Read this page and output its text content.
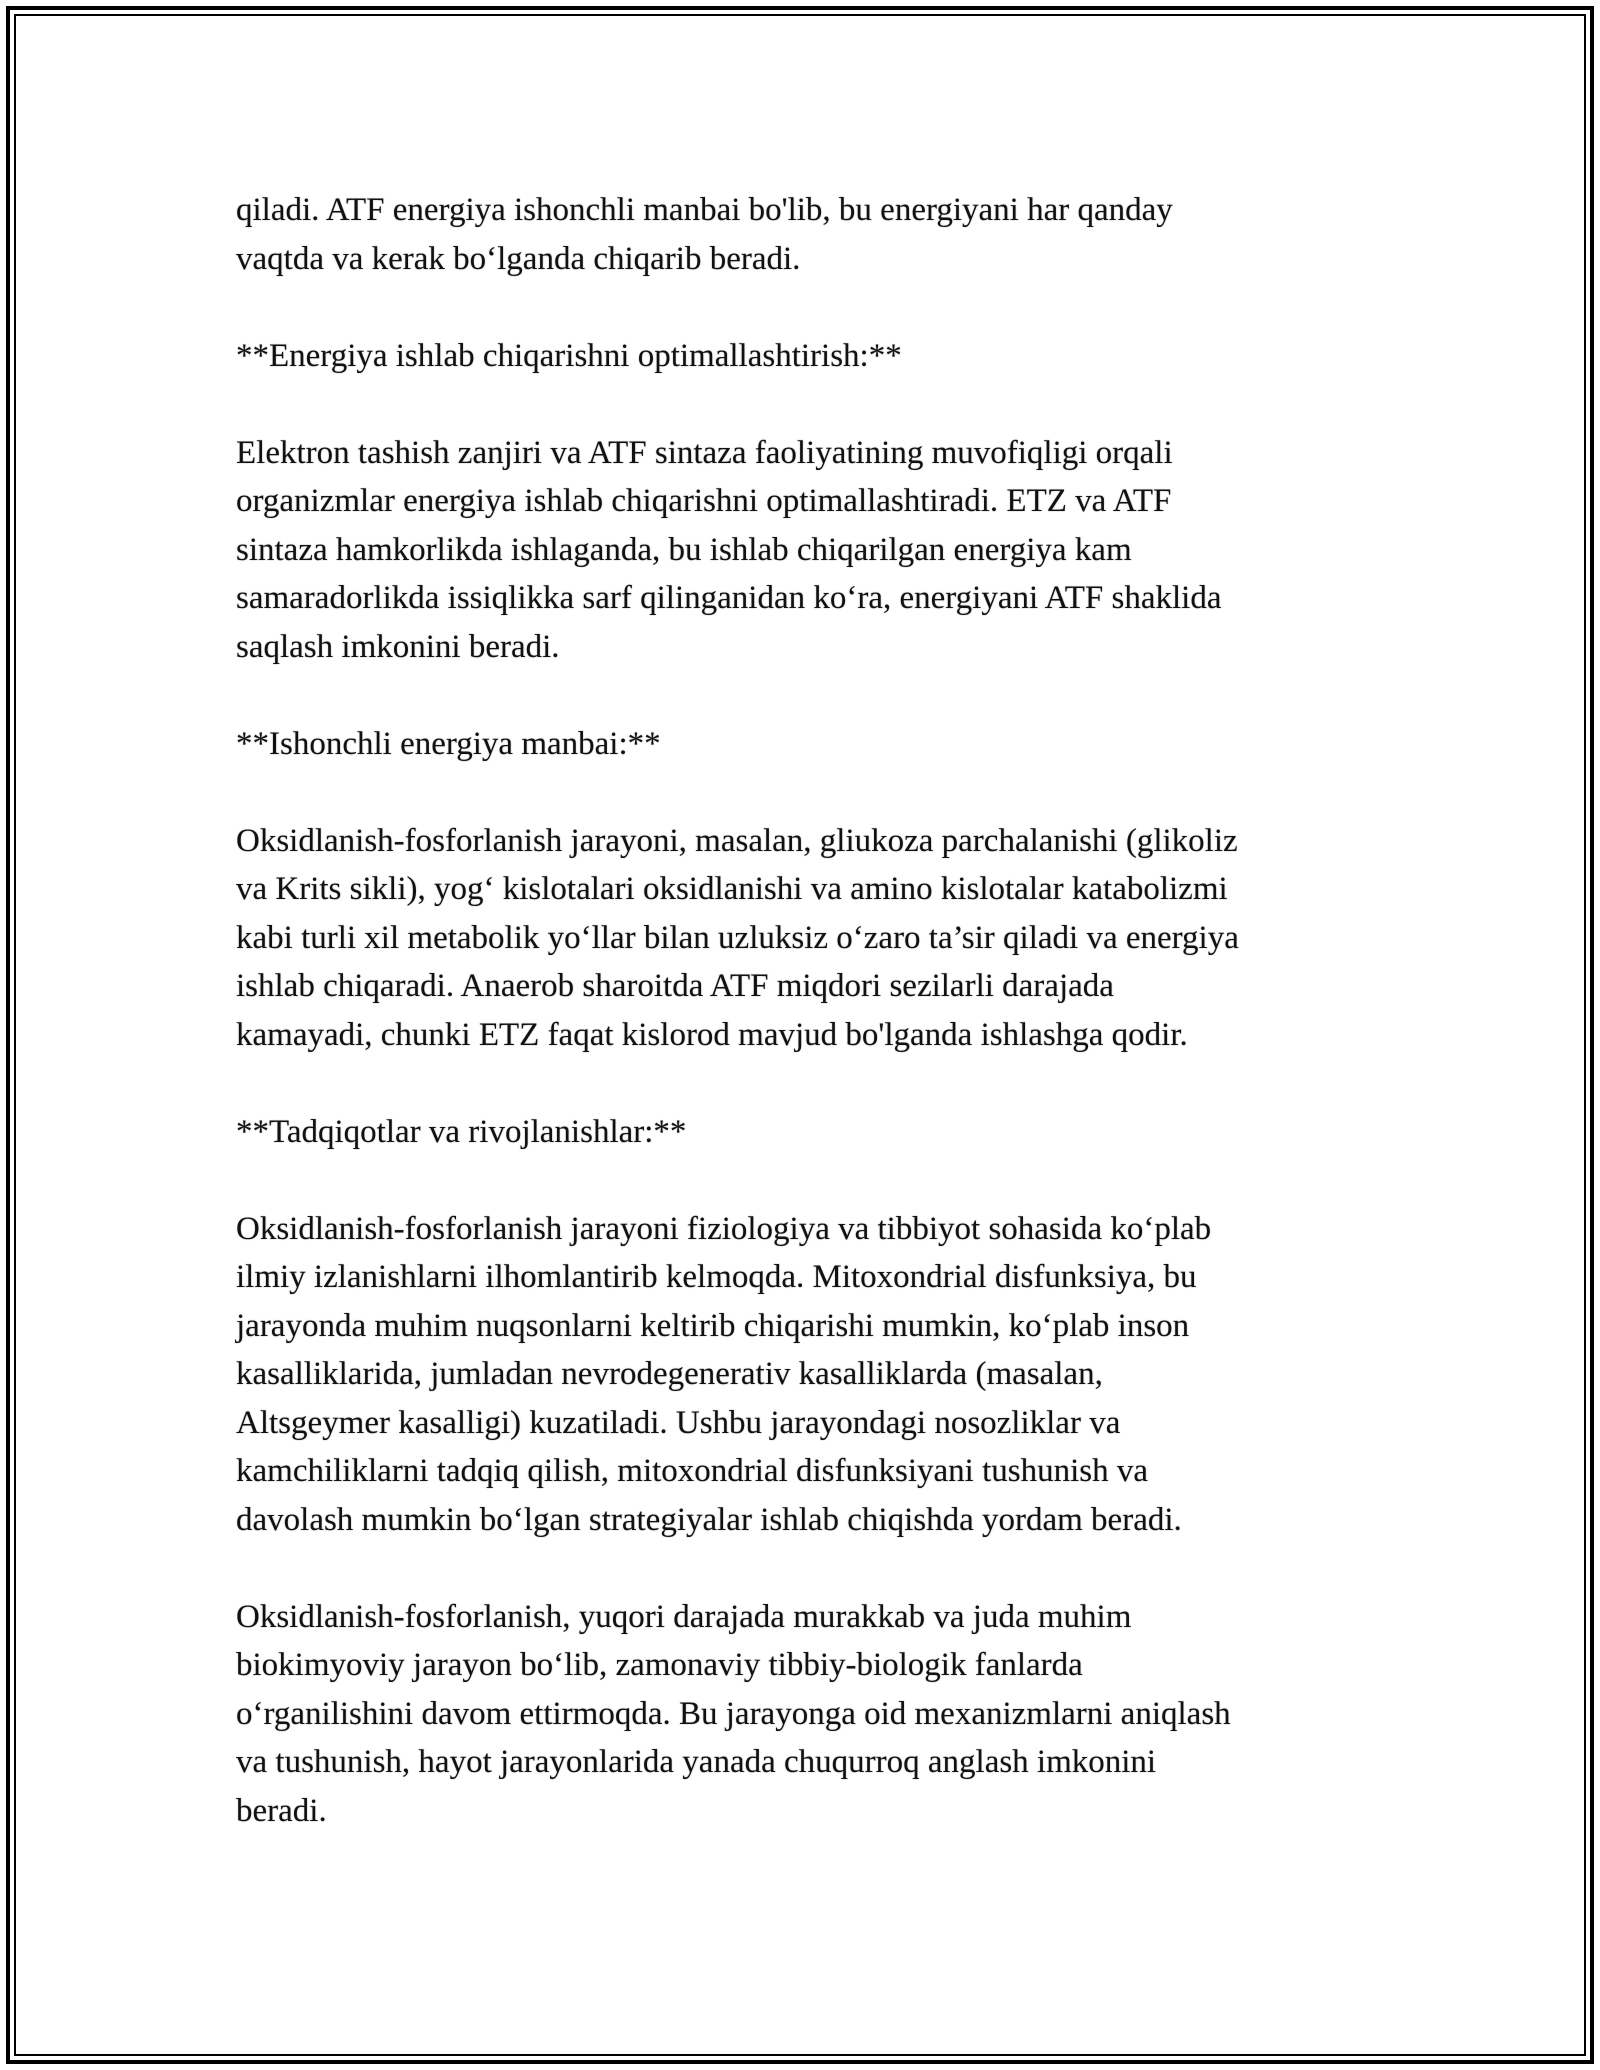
qiladi. ATF energiya ishonchli manbai bo'lib, bu energiyani har qanday
vaqtda va kerak bo‘lganda chiqarib beradi.
**Energiya ishlab chiqarishni optimallashtirish:**
Elektron tashish zanjiri va ATF sintaza faoliyatining muvofiqligi orqali
organizmlar energiya ishlab chiqarishni optimallashtiradi. ETZ va ATF
sintaza hamkorlikda ishlaganda, bu ishlab chiqarilgan energiya kam
samaradorlikda issiqlikka sarf qilinganidan ko‘ra, energiyani ATF shaklida
saqlash imkonini beradi.
**Ishonchli energiya manbai:**
Oksidlanish-fosforlanish jarayoni, masalan, gliukoza parchalanishi (glikoliz
va Krits sikli), yog‘ kislotalari oksidlanishi va amino kislotalar katabolizmi
kabi turli xil metabolik yo‘llar bilan uzluksiz o‘zaro ta’sir qiladi va energiya
ishlab chiqaradi. Anaerob sharoitda ATF miqdori sezilarli darajada
kamayadi, chunki ETZ faqat kislorod mavjud bo'lganda ishlashga qodir.
**Tadqiqotlar va rivojlanishlar:**
Oksidlanish-fosforlanish jarayoni fiziologiya va tibbiyot sohasida ko‘plab
ilmiy izlanishlarni ilhomlantirib kelmoqda. Mitoxondrial disfunksiya, bu
jarayonda muhim nuqsonlarni keltirib chiqarishi mumkin, ko‘plab inson
kasalliklarida, jumladan nevrodegenerativ kasalliklarda (masalan,
Altsgeymer kasalligi) kuzatiladi. Ushbu jarayondagi nosozliklar va
kamchiliklarni tadqiq qilish, mitoxondrial disfunksiyani tushunish va
davolash mumkin bo‘lgan strategiyalar ishlab chiqishda yordam beradi.
Oksidlanish-fosforlanish, yuqori darajada murakkab va juda muhim
biokimyoviy jarayon bo‘lib, zamonaviy tibbiy-biologik fanlarda
o‘rganilishini davom ettirmoqda. Bu jarayonga oid mexanizmlarni aniqlash
va tushunish, hayot jarayonlarida yanada chuqurroq anglash imkonini
beradi.
